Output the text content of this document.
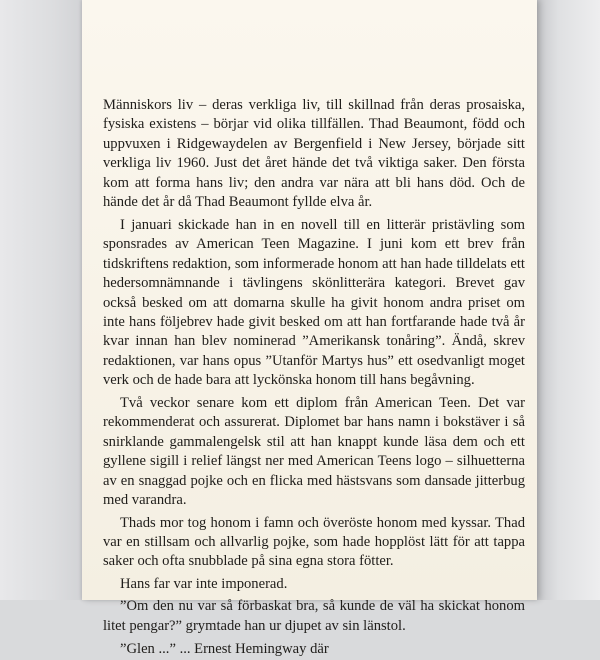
Människors liv – deras verkliga liv, till skillnad från deras prosaiska, fysiska existens – börjar vid olika tillfällen. Thad Beaumont, född och uppvuxen i Ridgewaydelen av Bergenfield i New Jersey, började sitt verkliga liv 1960. Just det året hände det två viktiga saker. Den första kom att forma hans liv; den andra var nära att bli hans död. Och de hände det år då Thad Beaumont fyllde elva år.

I januari skickade han in en novell till en litterär pristävling som sponsrades av American Teen Magazine. I juni kom ett brev från tidskriftens redaktion, som informerade honom att han hade tilldelats ett hedersomnämnande i tävlingens skönlitterära kategori. Brevet gav också besked om att domarna skulle ha givit honom andra priset om inte hans följebrev hade givit besked om att han fortfarande hade två år kvar innan han blev nominerad ”Amerikansk tonåring”. Ändå, skrev redaktionen, var hans opus ”Utanför Martys hus” ett osedvanligt moget verk och de hade bara att lyckönska honom till hans begåvning.

Två veckor senare kom ett diplom från American Teen. Det var rekommenderat och assurerat. Diplomet bar hans namn i bokstäver i så snirklande gammalengelsk stil att han knappt kunde läsa dem och ett gyllene sigill i relief längst ner med American Teens logo – silhuetterna av en snaggad pojke och en flicka med hästsvans som dansade jitterbug med varandra.

Thads mor tog honom i famn och överöste honom med kyssar. Thad var en stillsam och allvarlig pojke, som hade hopplöst lätt för att tappa saker och ofta snubblade på sina egna stora fötter.

Hans far var inte imponerad.

”Om den nu var så förbaskat bra, så kunde de väl ha skickat honom litet pengar?” grymtade han ur djupet av sin länstol.

”Glen ...” ... Ernest Hemingway där
